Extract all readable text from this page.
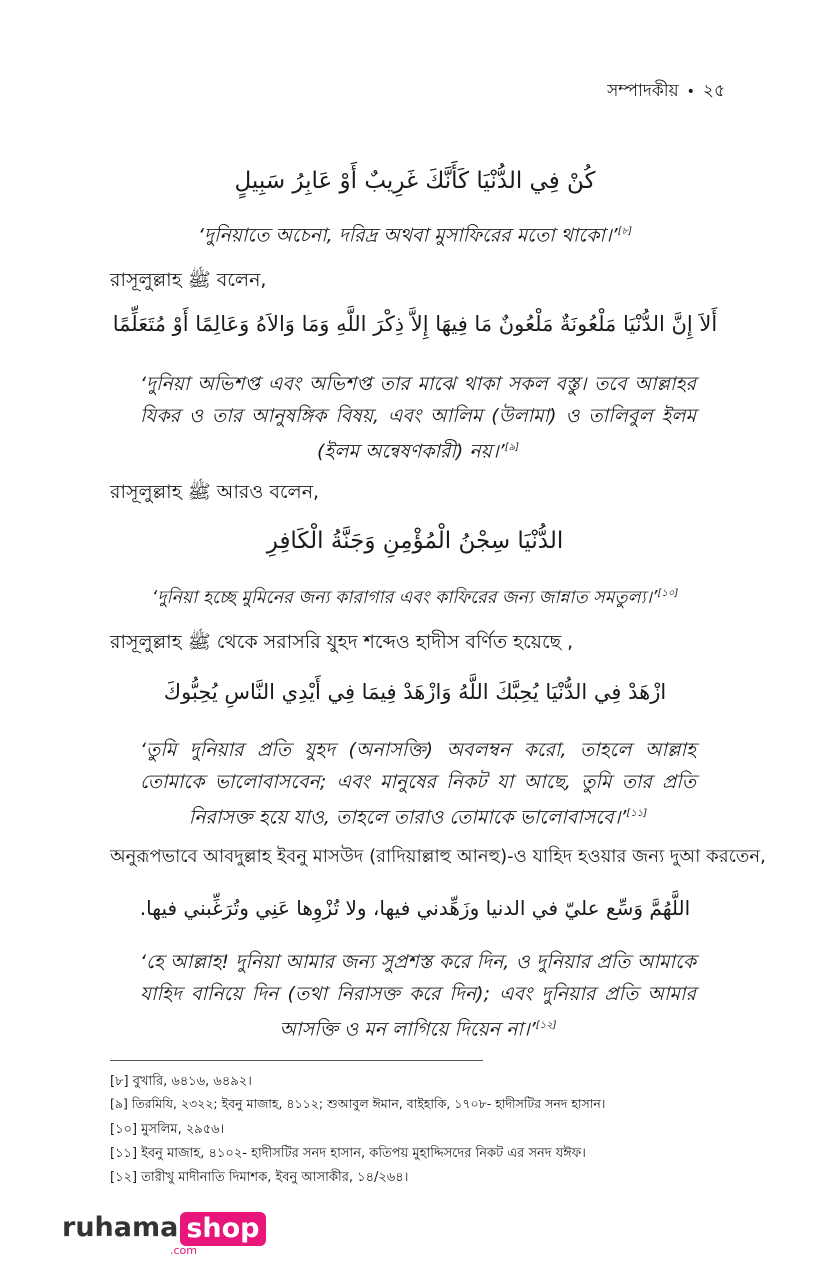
সম্পাদকীয় • ২৫
كُنْ فِي الدُّنْيَا كَأَنَّكَ غَرِيبٌ أَوْ عَابِرُ سَبِيلٍ
‘দুনিয়াতে অচেনা, দরিদ্র অথবা মুসাফিরের মতো থাকো।’[৮]
রাসূলুল্লাহ ﷺ বলেন,
أَلاَ إِنَّ الدُّنْيَا مَلْعُونَةٌ مَلْعُونٌ مَا فِيهَا إِلاَّ ذِكْرَ اللَّهِ وَمَا وَالاَهُ وَعَالِمًا أَوْ مُتَعَلِّمًا
‘দুনিয়া অভিশপ্ত এবং অভিশপ্ত তার মাঝে থাকা সকল বস্তু। তবে আল্লাহর যিকর ও তার আনুষঙ্গিক বিষয়, এবং আলিম (উলামা) ও তালিবুল ইলম (ইলম অন্বেষণকারী) নয়।’[৯]
রাসূলুল্লাহ ﷺ আরও বলেন,
الدُّنْيَا سِجْنُ الْمُؤْمِنِ وَجَنَّةُ الْكَافِرِ
‘দুনিয়া হচ্ছে মুমিনের জন্য কারাগার এবং কাফিরের জন্য জান্নাত সমতুল্য।’[১০]
রাসূলুল্লাহ ﷺ থেকে সরাসরি যুহদ শব্দেও হাদীস বর্ণিত হয়েছে ,
ازْهَدْ فِي الدُّنْيَا يُحِبَّكَ اللَّهُ وَازْهَدْ فِيمَا فِي أَيْدِي النَّاسِ يُحِبُّوكَ
‘তুমি দুনিয়ার প্রতি যুহদ (অনাসক্তি) অবলম্বন করো, তাহলে আল্লাহ তোমাকে ভালোবাসবেন; এবং মানুষের নিকট যা আছে, তুমি তার প্রতি নিরাসক্ত হয়ে যাও, তাহলে তারাও তোমাকে ভালোবাসবে।’[১১]
অনুরূপভাবে আবদুল্লাহ ইবনু মাসউদ (রাদিয়াল্লাহু আনহু)-ও যাহিদ হওয়ার জন্য দুআ করতেন,
اللَّهُمَّ وَسِّع عليّ في الدنيا وزَهِّدني فيها، ولا تُزْوِها عَنِي وتُرَغِّبني فيها.
‘হে আল্লাহ! দুনিয়া আমার জন্য সুপ্রশস্ত করে দিন, ও দুনিয়ার প্রতি আমাকে যাহিদ বানিয়ে দিন (তথা নিরাসক্ত করে দিন); এবং দুনিয়ার প্রতি আমার আসক্তি ও মন লাগিয়ে দিয়েন না।’[১২]
[৮] বুখারি, ৬৪১৬, ৬৪৯২।
[৯] তিরমিযি, ২৩২২; ইবনু মাজাহ, ৪১১২; শুআবুল ঈমান, বাইহাকি, ১৭০৮- হাদীসটির সনদ হাসান।
[১০] মুসলিম, ২৯৫৬।
[১১] ইবনু মাজাহ, ৪১০২- হাদীসটির সনদ হাসান, কতিপয় মুহাদ্দিসদের নিকট এর সনদ যঈফ।
[১২] তারীখু মাদীনাতি দিমাশক, ইবনু আসাকীর, ১৪/২৬৪।
ruhama shop
.com
